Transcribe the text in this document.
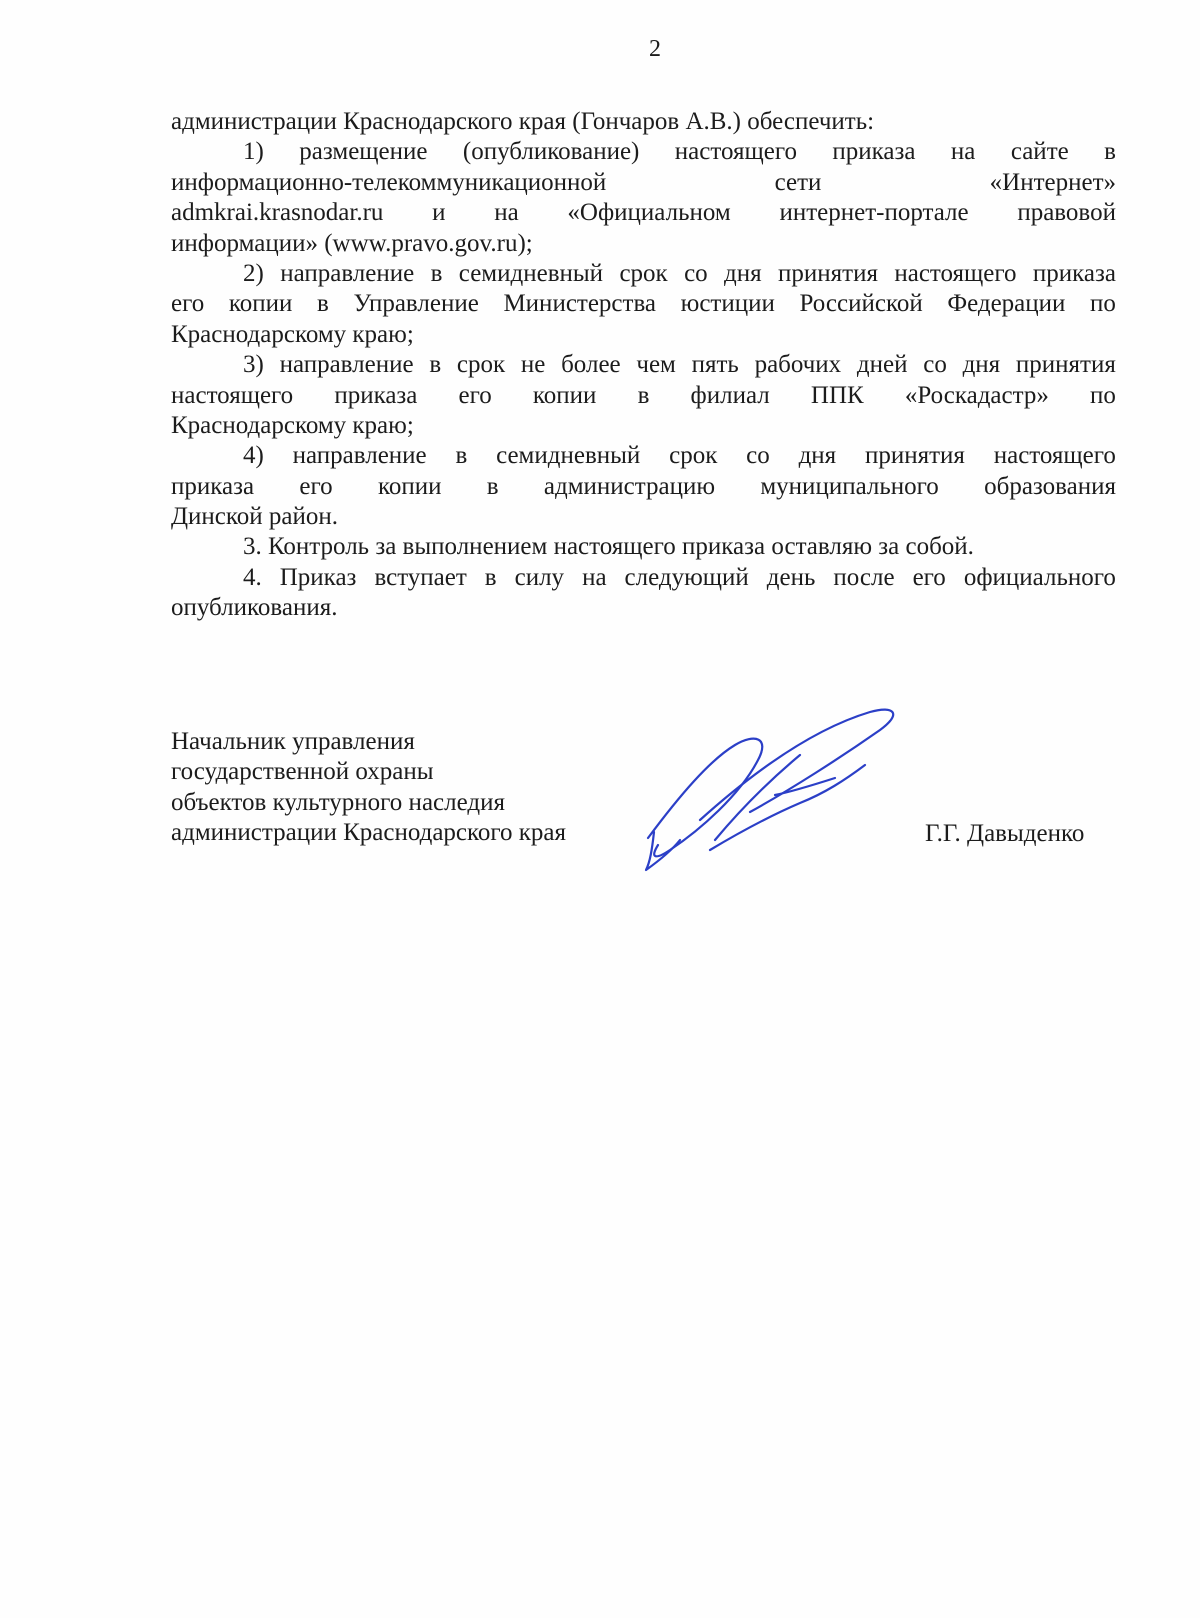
2
администрации Краснодарского края (Гончаров А.В.) обеспечить:
1) размещение (опубликование) настоящего приказа на сайте в
информационно-телекоммуникационной	сети	«Интернет»
admkrai.krasnodar.ru и на «Официальном интернет-портале правовой
информации» (www.pravo.gov.ru);
2) направление в семидневный срок со дня принятия настоящего приказа
его копии в Управление Министерства юстиции Российской Федерации по
Краснодарскому краю;
3) направление в срок не более чем пять рабочих дней со дня принятия
настоящего приказа его копии в филиал ППК «Роскадастр» по
Краснодарскому краю;
4) направление в семидневный срок со дня принятия настоящего
приказа его копии в администрацию муниципального образования
Динской район.
3. Контроль за выполнением настоящего приказа оставляю за собой.
4. Приказ вступает в силу на следующий день после его официального
опубликования.
Начальник управления
государственной охраны
объектов культурного наследия
администрации Краснодарского края	Г.Г. Давыденко
